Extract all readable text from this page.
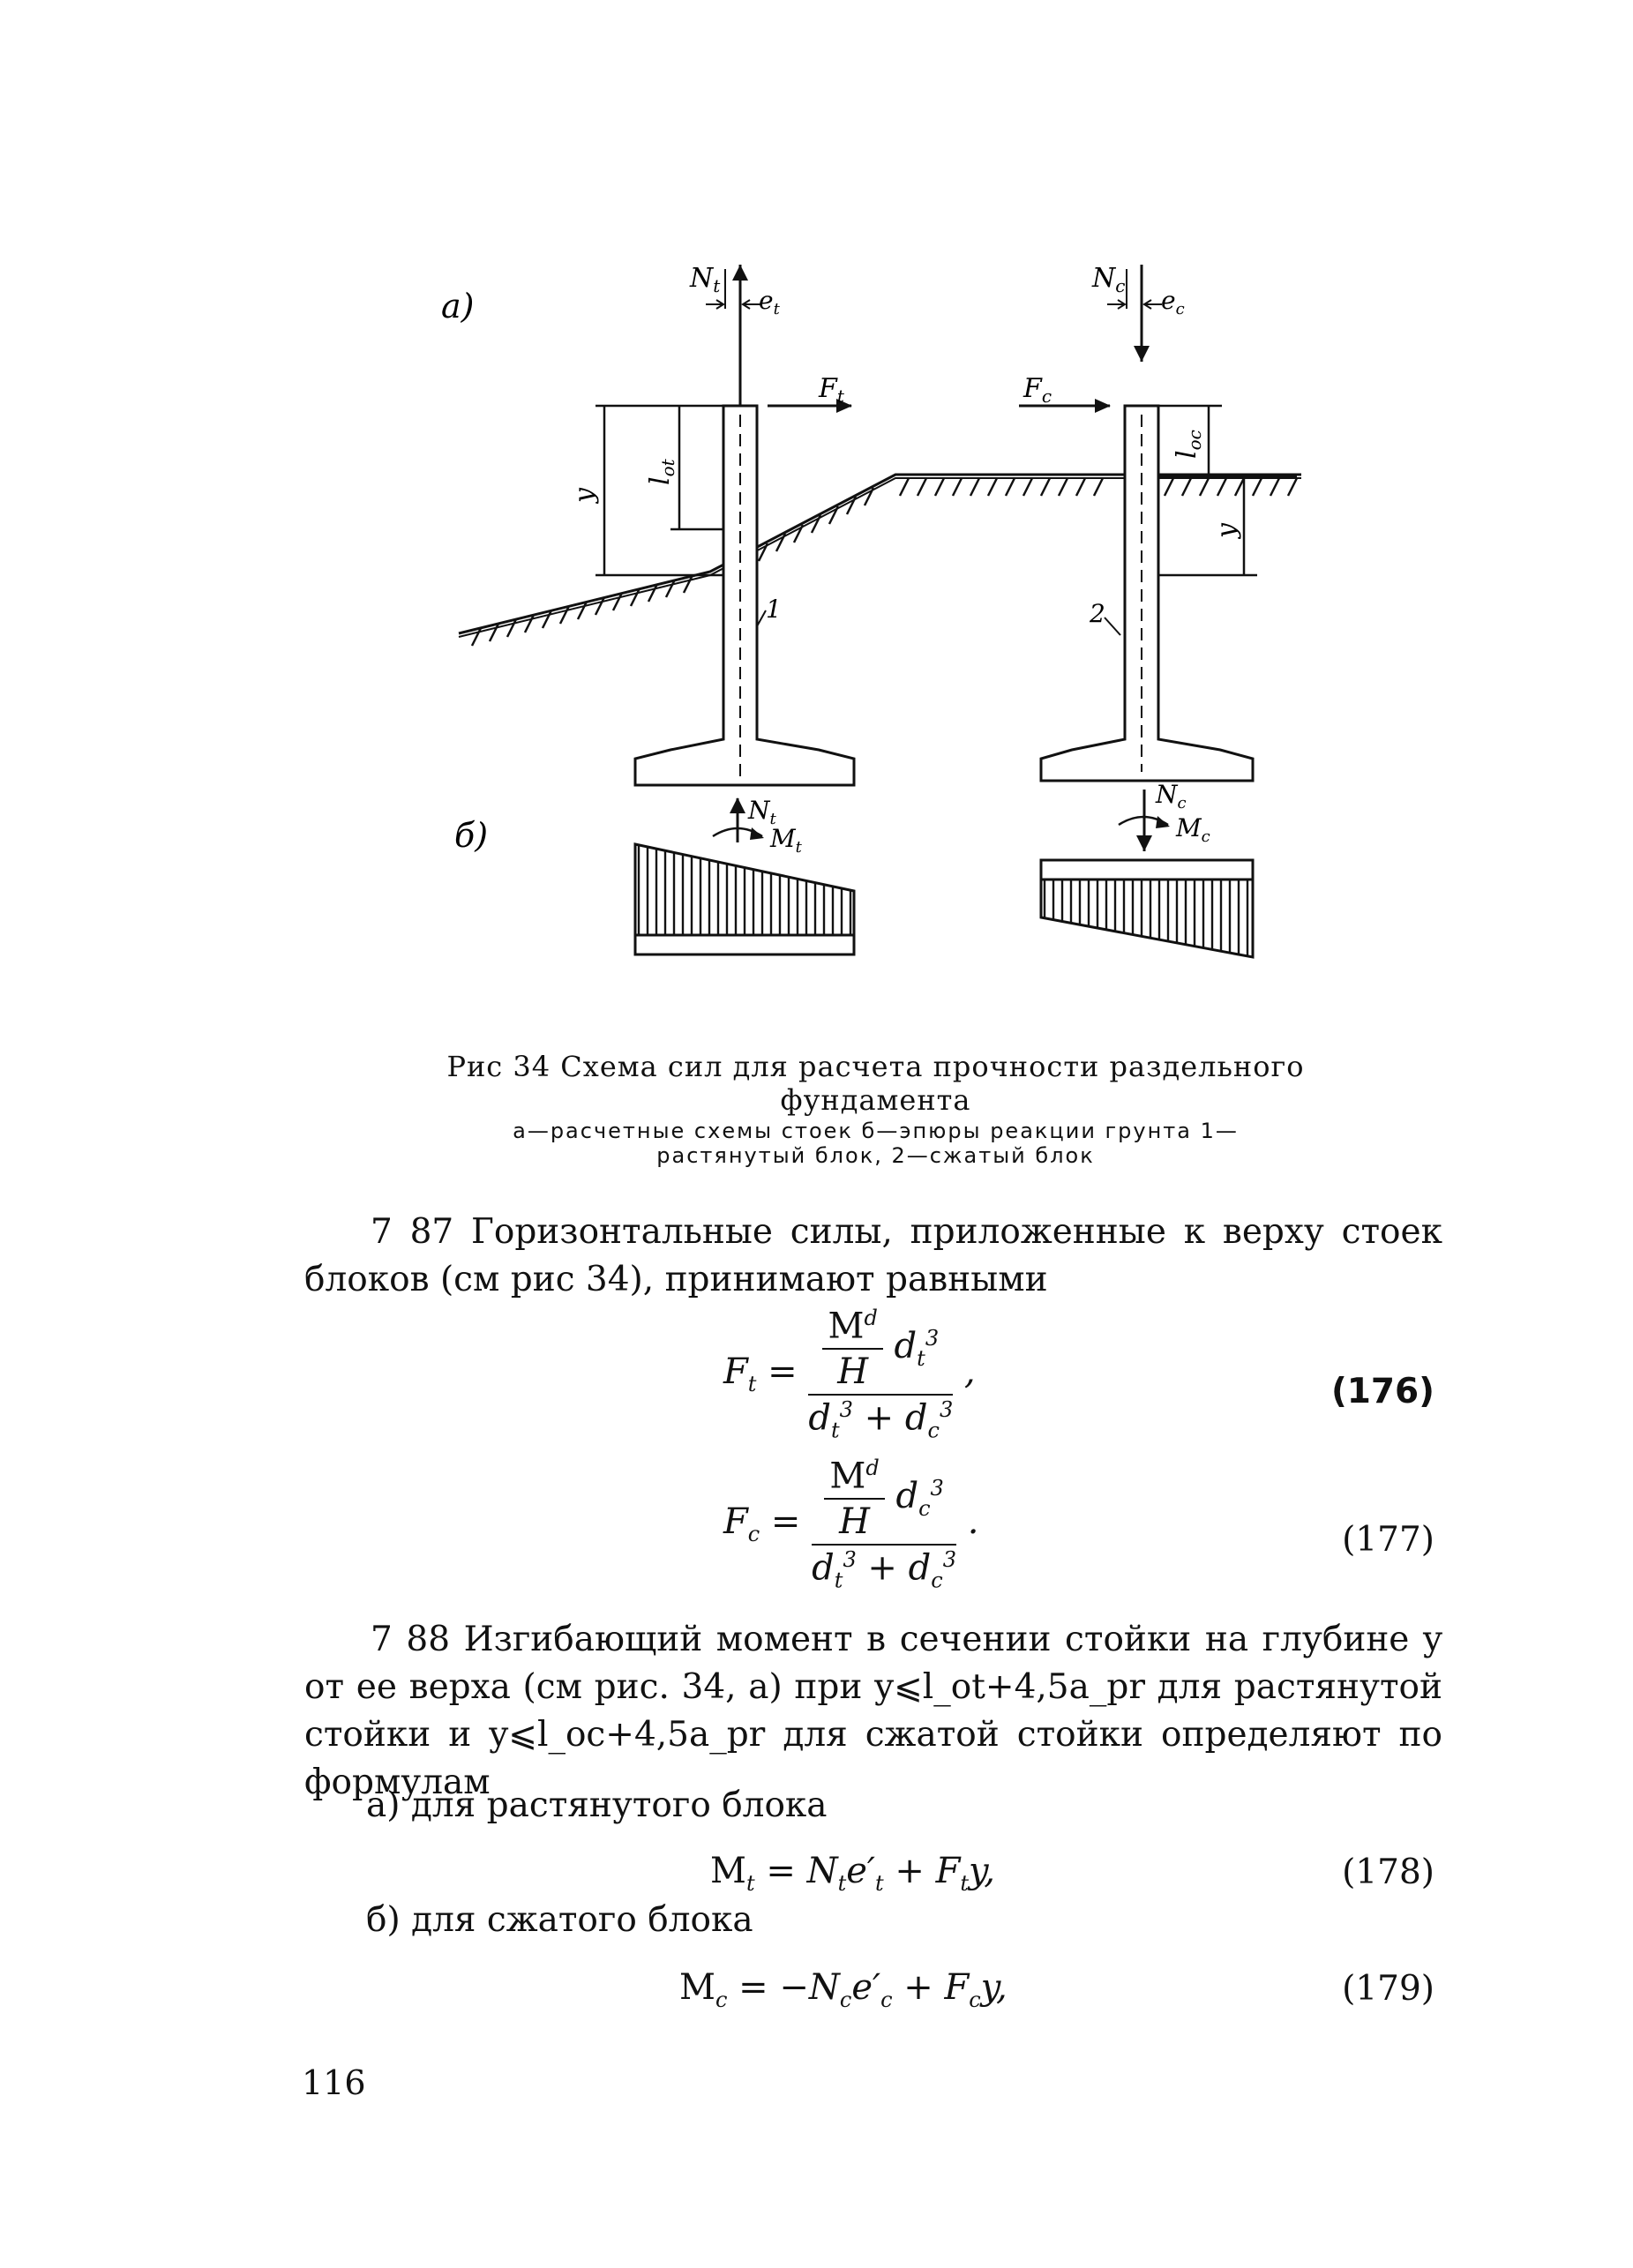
а)
б)
$N_t$ $e_t$
$F_t$
y
$l_{ot}$
1
$N_c$ $e_c$
$F_c$
$l_{oc}$
y
2
$N_t$
$M_t$
$N_c$
$M_c$
Рис 34 Схема сил для расчета прочности раздельного фундамента
а—расчетные схемы стоек б—эпюры реакции грунта 1—растянутый блок, 2—сжатый блок
7 87 Горизонтальные силы, приложенные к верху стоек блоков (см рис 34), принимают равными
$F_t = \frac{\frac{M^d}{H} d_t^3}{d_t^3 + d_c^3}$ ,	(176)
$F_c = \frac{\frac{M^d}{H} d_c^3}{d_t^3 + d_c^3}$ .	(177)
7 88 Изгибающий момент в сечении стойки на глубине y от ее верха (см рис. 34, а) при y⩽l_ot+4,5a_pr для растянутой стойки и y⩽l_oc+4,5a_pr для сжатой стойки определяют по формулам
а) для растянутого блока
$M_t = N_te'_t + F_ty$,	(178)
б) для сжатого блока
$M_c = -N_ce'_c + F_cy$,	(179)
116
